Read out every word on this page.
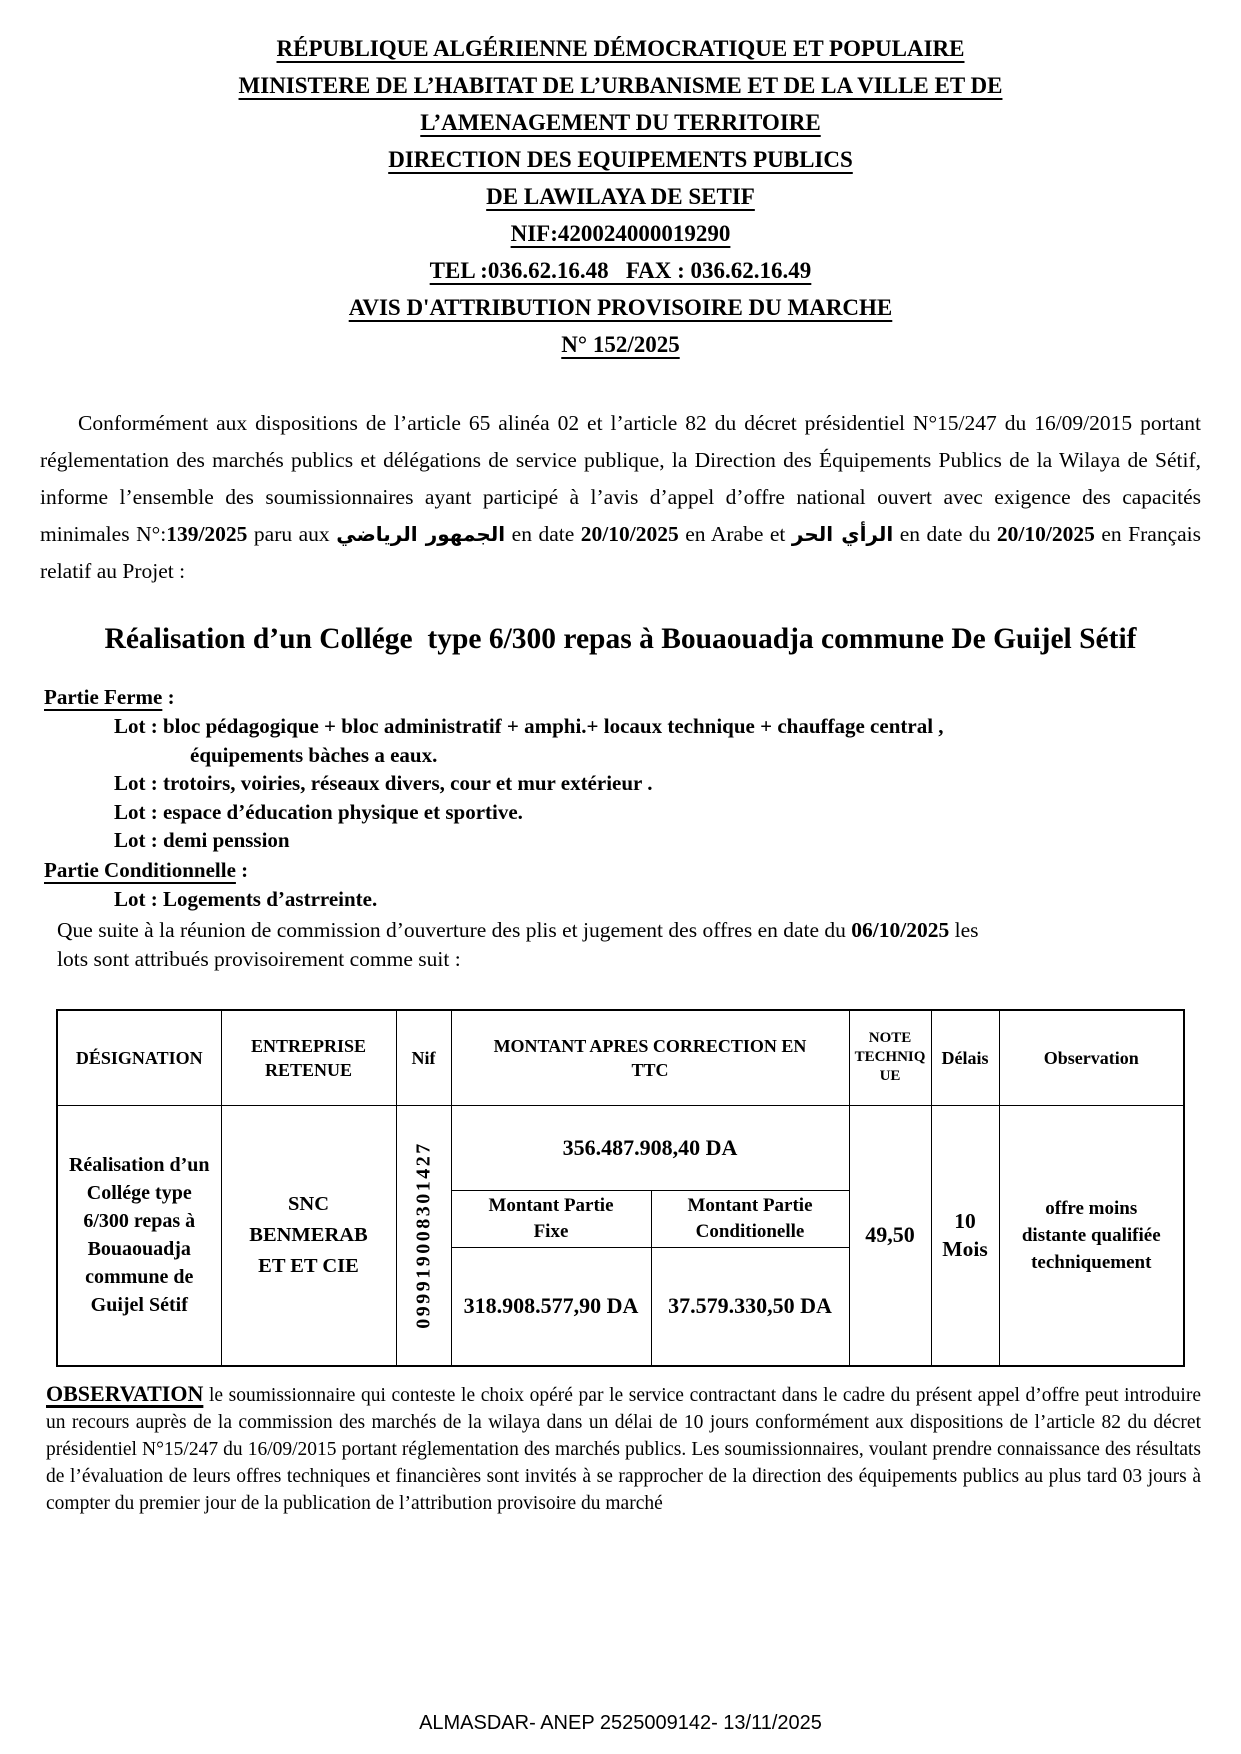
RÉPUBLIQUE ALGÉRIENNE DÉMOCRATIQUE ET POPULAIRE
MINISTERE DE L’HABITAT DE L’URBANISME ET DE LA VILLE ET DE
L’AMENAGEMENT DU TERRITOIRE
DIRECTION DES EQUIPEMENTS PUBLICS
DE LAWILAYA DE SETIF
NIF:420024000019290
TEL :036.62.16.48   FAX : 036.62.16.49
AVIS D'ATTRIBUTION PROVISOIRE DU MARCHE
N° 152/2025

Conformément aux dispositions de l’article 65 alinéa 02 et l’article 82 du décret présidentiel N°15/247 du 16/09/2015 portant réglementation des marchés publics et délégations de service publique, la Direction des Équipements Publics de la Wilaya de Sétif, informe l’ensemble des soumissionnaires ayant participé à l’avis d’appel d’offre national ouvert avec exigence des capacités minimales N°:139/2025 paru aux الجمهور الرياضي en date 20/10/2025 en Arabe et الرأي الحر en date du 20/10/2025 en Français relatif au Projet :

Réalisation d’un Collége  type 6/300 repas à Bouaouadja commune De Guijel Sétif
Partie Ferme :
Lot : bloc pédagogique + bloc administratif + amphi.+ locaux technique + chauffage central ,
équipements bàches a eaux.
Lot : trotoirs, voiries, réseaux divers, cour et mur extérieur .
Lot : espace d’éducation physique et sportive.
Lot : demi penssion
Partie Conditionnelle :
Lot : Logements d’astrreinte.

Que suite à la réunion de commission d’ouverture des plis et jugement des offres en date du 06/10/2025 les lots sont attribués provisoirement comme suit :

DÉSIGNATION	ENTREPRISE RETENUE	Nif	MONTANT APRES CORRECTION EN TTC		NOTE TECHNIQUE	Délais	Observation
Réalisation d’un Collége type 6/300 repas à Bouaouadja commune de Guijel Sétif	SNC BENMERAB ET ET CIE	099919008301427	356.487.908,40 DA		49,50	10 Mois	offre moins distante qualifiée techniquement
			Montant Partie Fixe	Montant Partie Conditionelle			
			318.908.577,90 DA	37.579.330,50 DA			

OBSERVATION le soumissionnaire qui conteste le choix opéré par le service contractant dans le cadre du présent appel d’offre peut introduire un recours auprès de la commission des marchés de la wilaya dans un délai de 10 jours conformément aux dispositions de l’article 82 du décret présidentiel N°15/247 du 16/09/2015 portant réglementation des marchés publics. Les soumissionnaires, voulant prendre connaissance des résultats de l’évaluation de leurs offres techniques et financières sont invités à se rapprocher de la direction des équipements publics au plus tard 03 jours à compter du premier jour de la publication de l’attribution provisoire du marché

ALMASDAR- ANEP 2525009142- 13/11/2025
